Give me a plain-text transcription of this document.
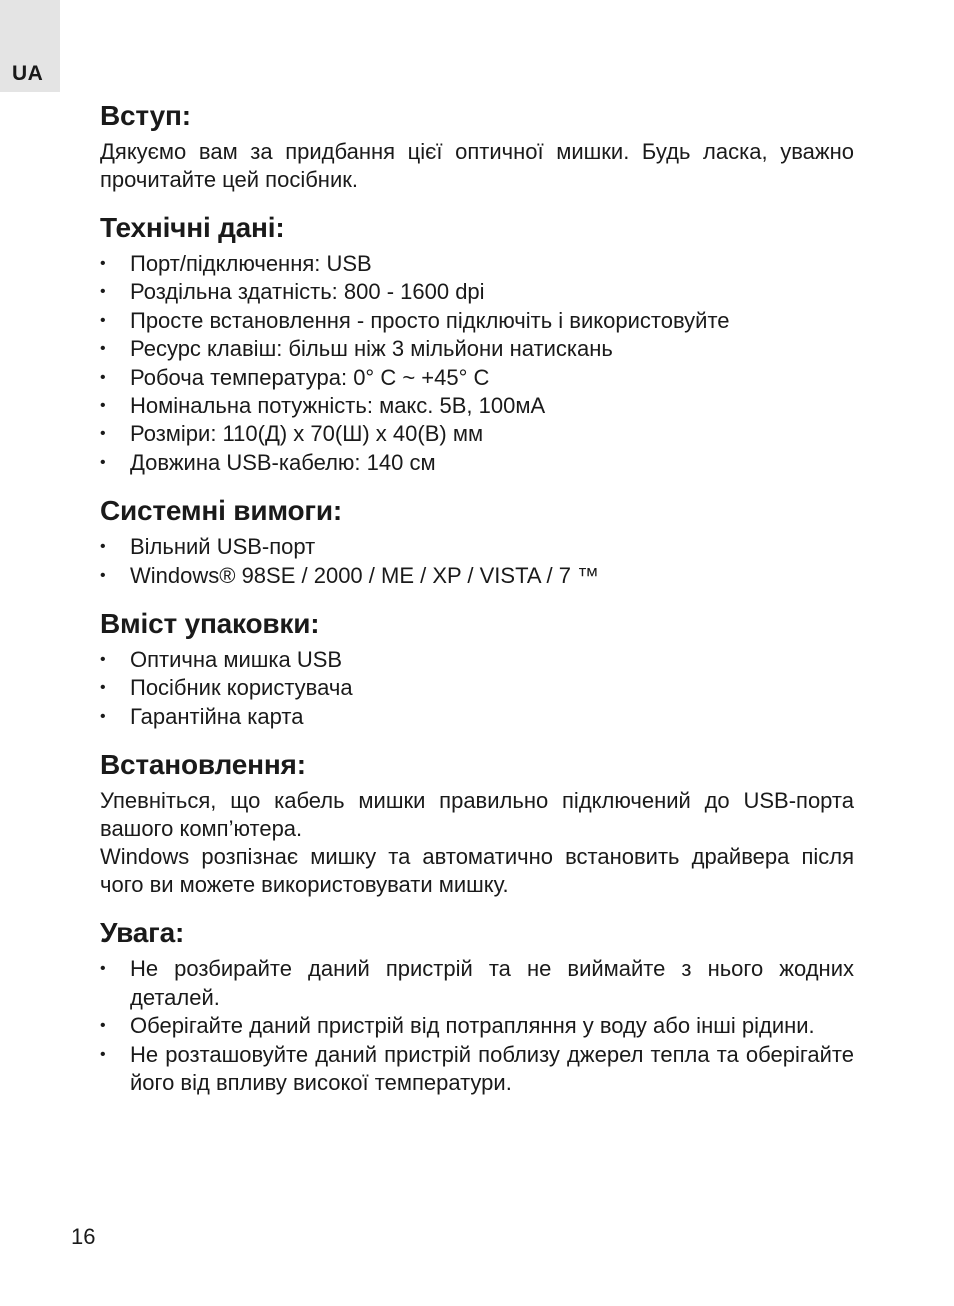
UA
Вступ:

Дякуємо вам за придбання цієї оптичної мишки. Будь ласка, уважно прочитайте цей посібник.

Технічні дані:
• Порт/підключення: USB
• Роздільна здатність: 800 - 1600 dpi
• Просте встановлення - просто підключіть і використовуйте
• Ресурс клавіш: більш ніж 3 мільйони натискань
• Робоча температура: 0° C ~ +45° C
• Номінальна потужність: макс. 5В, 100мА
• Розміри: 110(Д) x 70(Ш) x 40(В) мм
• Довжина USB-кабелю: 140 см
Системні вимоги:
• Вільний USB-порт
• Windows® 98SE / 2000 / ME / XP / VISTA / 7 ™
Вміст упаковки:
• Оптична мишка USB
• Посібник користувача
• Гарантійна карта
Встановлення:

Упевніться, що кабель мишки правильно підключений до USB-порта вашого комп’ютера.

Windows розпізнає мишку та автоматично встановить драйвера після чого ви можете використовувати мишку.

Увага:
• Не розбирайте даний пристрій та не виймайте з нього жодних деталей.
• Оберігайте даний пристрій від потрапляння у воду або інші рідини.
• Не розташовуйте даний пристрій поблизу джерел тепла та оберігайте його від впливу високої температури.
16
